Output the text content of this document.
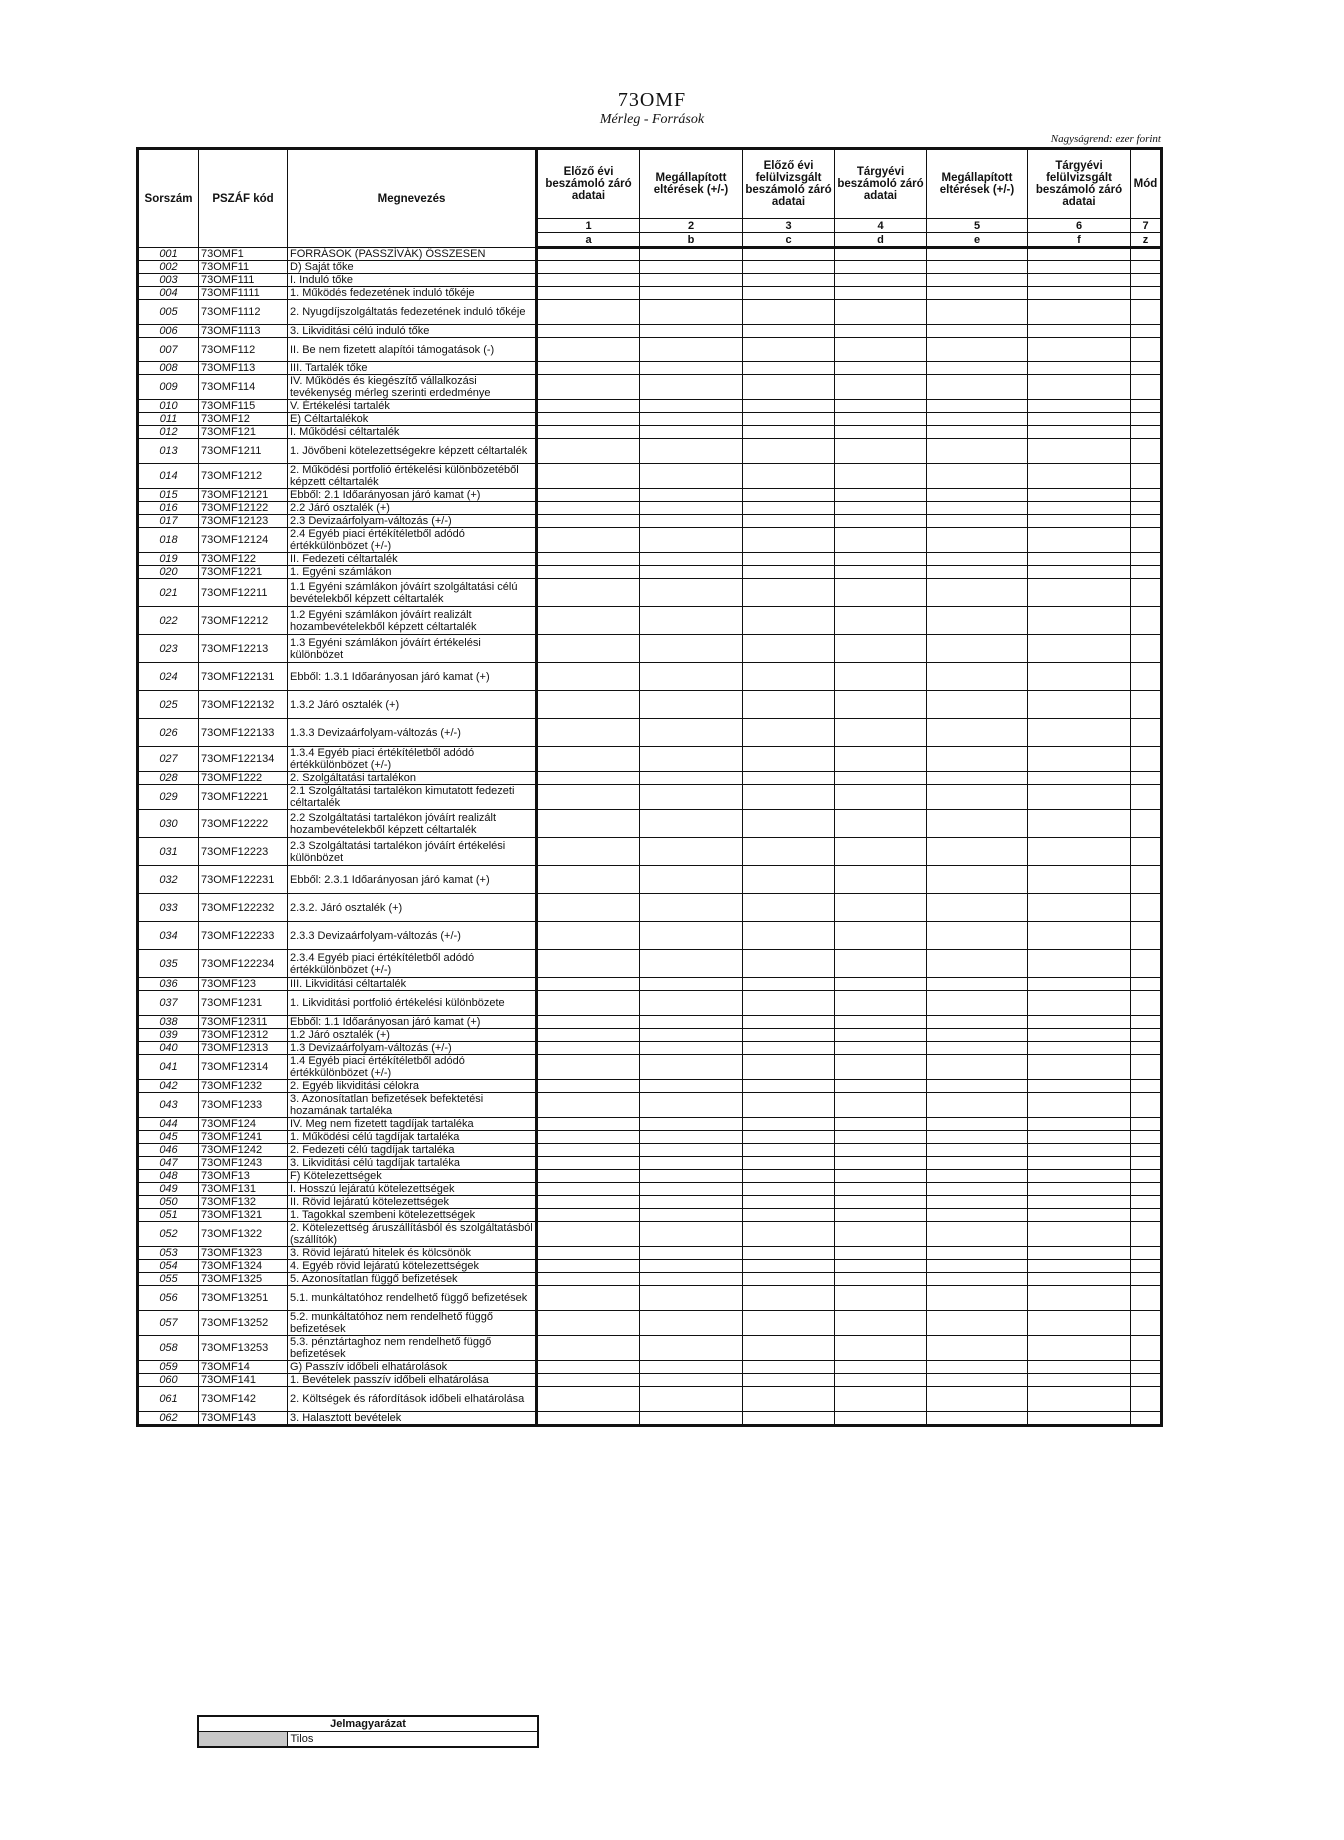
73OMF
Mérleg - Források
Nagyságrend: ezer forint
Sorszám	PSZÁF kód	Megnevezés	Előző évi beszámoló záró adatai	Megállapított eltérések (+/-)	Előző évi felülvizsgált beszámoló záró adatai	Tárgyévi beszámoló záró adatai	Megállapított eltérések (+/-)	Tárgyévi felülvizsgált beszámoló záró adatai	Mód
			1	2	3	4	5	6	7
			a	b	c	d	e	f	z
001	73OMF1	FORRÁSOK (PASSZÍVÁK) ÖSSZESEN							
002	73OMF11	D) Saját tőke							
003	73OMF111	I. Induló tőke							
004	73OMF1111	1. Működés fedezetének induló tőkéje							
005	73OMF1112	2. Nyugdíjszolgáltatás fedezetének induló tőkéje							
006	73OMF1113	3. Likviditási célú induló tőke							
007	73OMF112	II. Be nem fizetett alapítói támogatások (-)							
008	73OMF113	III. Tartalék tőke							
009	73OMF114	IV. Működés és kiegészítő vállalkozási tevékenység mérleg szerinti erdedménye							
010	73OMF115	V. Értékelési tartalék							
011	73OMF12	E) Céltartalékok							
012	73OMF121	I. Működési céltartalék							
013	73OMF1211	1. Jövőbeni kötelezettségekre képzett céltartalék							
014	73OMF1212	2. Működési portfolió értékelési különbözetéből képzett céltartalék							
015	73OMF12121	Ebből: 2.1 Időarányosan járó kamat (+)							
016	73OMF12122	2.2 Járó osztalék (+)							
017	73OMF12123	2.3 Devizaárfolyam-változás (+/-)							
018	73OMF12124	2.4 Egyéb piaci értékítéletből adódó értékkülönbözet (+/-)							
019	73OMF122	II. Fedezeti céltartalék							
020	73OMF1221	1. Egyéni számlákon							
021	73OMF12211	1.1 Egyéni számlákon jóváírt szolgáltatási célú bevételekből képzett céltartalék							
022	73OMF12212	1.2 Egyéni számlákon jóváírt realizált hozambevételekből képzett céltartalék							
023	73OMF12213	1.3 Egyéni számlákon jóváírt értékelési különbözet							
024	73OMF122131	Ebből: 1.3.1 Időarányosan járó kamat (+)							
025	73OMF122132	1.3.2 Járó osztalék (+)							
026	73OMF122133	1.3.3 Devizaárfolyam-változás (+/-)							
027	73OMF122134	1.3.4 Egyéb piaci értékítéletből adódó értékkülönbözet (+/-)							
028	73OMF1222	2. Szolgáltatási tartalékon							
029	73OMF12221	2.1 Szolgáltatási tartalékon kimutatott fedezeti céltartalék							
030	73OMF12222	2.2 Szolgáltatási tartalékon jóváírt realizált hozambevételekből képzett céltartalék							
031	73OMF12223	2.3 Szolgáltatási tartalékon jóváírt értékelési különbözet							
032	73OMF122231	Ebből: 2.3.1 Időarányosan járó kamat (+)							
033	73OMF122232	2.3.2. Járó osztalék (+)							
034	73OMF122233	2.3.3 Devizaárfolyam-változás (+/-)							
035	73OMF122234	2.3.4 Egyéb piaci értékítéletből adódó értékkülönbözet (+/-)							
036	73OMF123	III. Likviditási céltartalék							
037	73OMF1231	1. Likviditási portfolió értékelési különbözete							
038	73OMF12311	Ebből: 1.1 Időarányosan járó kamat (+)							
039	73OMF12312	1.2 Járó osztalék (+)							
040	73OMF12313	1.3 Devizaárfolyam-változás (+/-)							
041	73OMF12314	1.4 Egyéb piaci értékítéletből adódó értékkülönbözet (+/-)							
042	73OMF1232	2. Egyéb likviditási célokra							
043	73OMF1233	3. Azonosítatlan befizetések befektetési hozamának tartaléka							
044	73OMF124	IV. Meg nem fizetett tagdíjak tartaléka							
045	73OMF1241	1. Működési célú tagdíjak tartaléka							
046	73OMF1242	2. Fedezeti célú tagdíjak tartaléka							
047	73OMF1243	3. Likviditási célú tagdíjak tartaléka							
048	73OMF13	F) Kötelezettségek							
049	73OMF131	I. Hosszú lejáratú kötelezettségek							
050	73OMF132	II. Rövid lejáratú kötelezettségek							
051	73OMF1321	1. Tagokkal szembeni kötelezettségek							
052	73OMF1322	2. Kötelezettség áruszállításból és szolgáltatásból (szállítók)							
053	73OMF1323	3. Rövid lejáratú hitelek és kölcsönök							
054	73OMF1324	4. Egyéb rövid lejáratú kötelezettségek							
055	73OMF1325	5. Azonosítatlan függő befizetések							
056	73OMF13251	5.1. munkáltatóhoz rendelhető függő befizetések							
057	73OMF13252	5.2. munkáltatóhoz nem rendelhető függő befizetések							
058	73OMF13253	5.3. pénztártaghoz nem rendelhető függő befizetések							
059	73OMF14	G) Passzív időbeli elhatárolások							
060	73OMF141	1. Bevételek passzív időbeli elhatárolása							
061	73OMF142	2. Költségek és ráfordítások időbeli elhatárolása							
062	73OMF143	3. Halasztott bevételek							
Jelmagyarázat
	Tilos
